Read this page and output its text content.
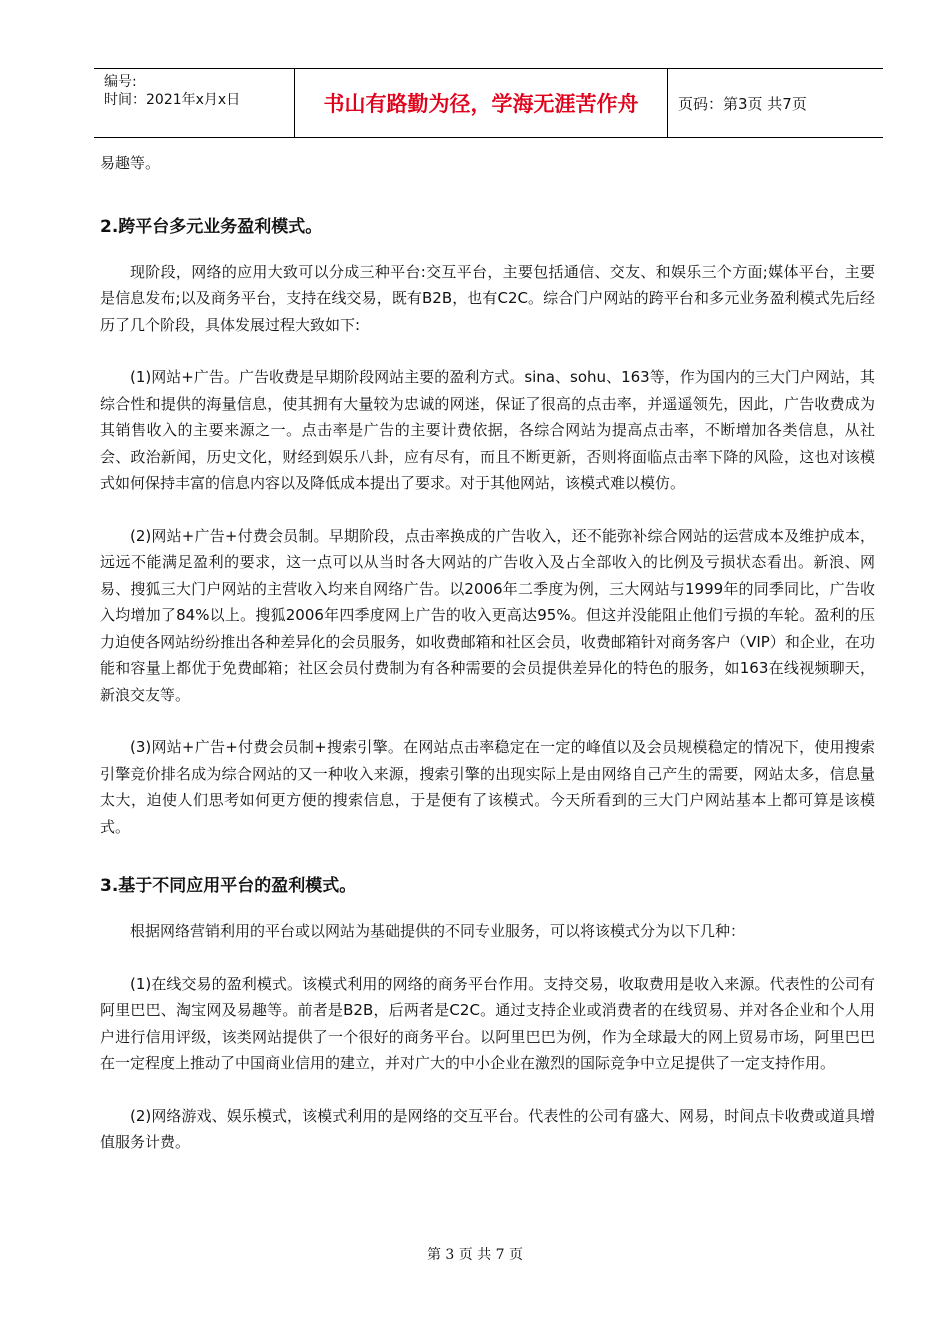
编号:
时间：2021年x月x日	书山有路勤为径，学海无涯苦作舟	页码：第3页 共7页

易趣等。

2.跨平台多元业务盈利模式。

现阶段，网络的应用大致可以分成三种平台:交互平台，主要包括通信、交友、和娱乐三个方面;媒体平台，主要是信息发布;以及商务平台，支持在线交易，既有B2B，也有C2C。综合门户网站的跨平台和多元业务盈利模式先后经历了几个阶段，具体发展过程大致如下:

(1)网站+广告。广告收费是早期阶段网站主要的盈利方式。sina、sohu、163等，作为国内的三大门户网站，其综合性和提供的海量信息，使其拥有大量较为忠诚的网迷，保证了很高的点击率，并遥遥领先，因此，广告收费成为其销售收入的主要来源之一。点击率是广告的主要计费依据，各综合网站为提高点击率，不断增加各类信息，从社会、政治新闻，历史文化，财经到娱乐八卦，应有尽有，而且不断更新，否则将面临点击率下降的风险，这也对该模式如何保持丰富的信息内容以及降低成本提出了要求。对于其他网站，该模式难以模仿。

(2)网站+广告+付费会员制。早期阶段，点击率换成的广告收入，还不能弥补综合网站的运营成本及维护成本，远远不能满足盈利的要求，这一点可以从当时各大网站的广告收入及占全部收入的比例及亏损状态看出。新浪、网易、搜狐三大门户网站的主营收入均来自网络广告。以2006年二季度为例，三大网站与1999年的同季同比，广告收入均增加了84%以上。搜狐2006年四季度网上广告的收入更高达95%。但这并没能阻止他们亏损的车轮。盈利的压力迫使各网站纷纷推出各种差异化的会员服务，如收费邮箱和社区会员，收费邮箱针对商务客户（VIP）和企业，在功能和容量上都优于免费邮箱；社区会员付费制为有各种需要的会员提供差异化的特色的服务，如163在线视频聊天，新浪交友等。

(3)网站+广告+付费会员制+搜索引擎。在网站点击率稳定在一定的峰值以及会员规模稳定的情况下，使用搜索引擎竞价排名成为综合网站的又一种收入来源，搜索引擎的出现实际上是由网络自己产生的需要，网站太多，信息量太大，迫使人们思考如何更方便的搜索信息，于是便有了该模式。今天所看到的三大门户网站基本上都可算是该模式。

3.基于不同应用平台的盈利模式。

根据网络营销利用的平台或以网站为基础提供的不同专业服务，可以将该模式分为以下几种：

(1)在线交易的盈利模式。该模式利用的网络的商务平台作用。支持交易，收取费用是收入来源。代表性的公司有阿里巴巴、淘宝网及易趣等。前者是B2B，后两者是C2C。通过支持企业或消费者的在线贸易、并对各企业和个人用户进行信用评级，该类网站提供了一个很好的商务平台。以阿里巴巴为例，作为全球最大的网上贸易市场，阿里巴巴在一定程度上推动了中国商业信用的建立，并对广大的中小企业在激烈的国际竞争中立足提供了一定支持作用。

(2)网络游戏、娱乐模式，该模式利用的是网络的交互平台。代表性的公司有盛大、网易，时间点卡收费或道具增值服务计费。

第 3 页 共 7 页
